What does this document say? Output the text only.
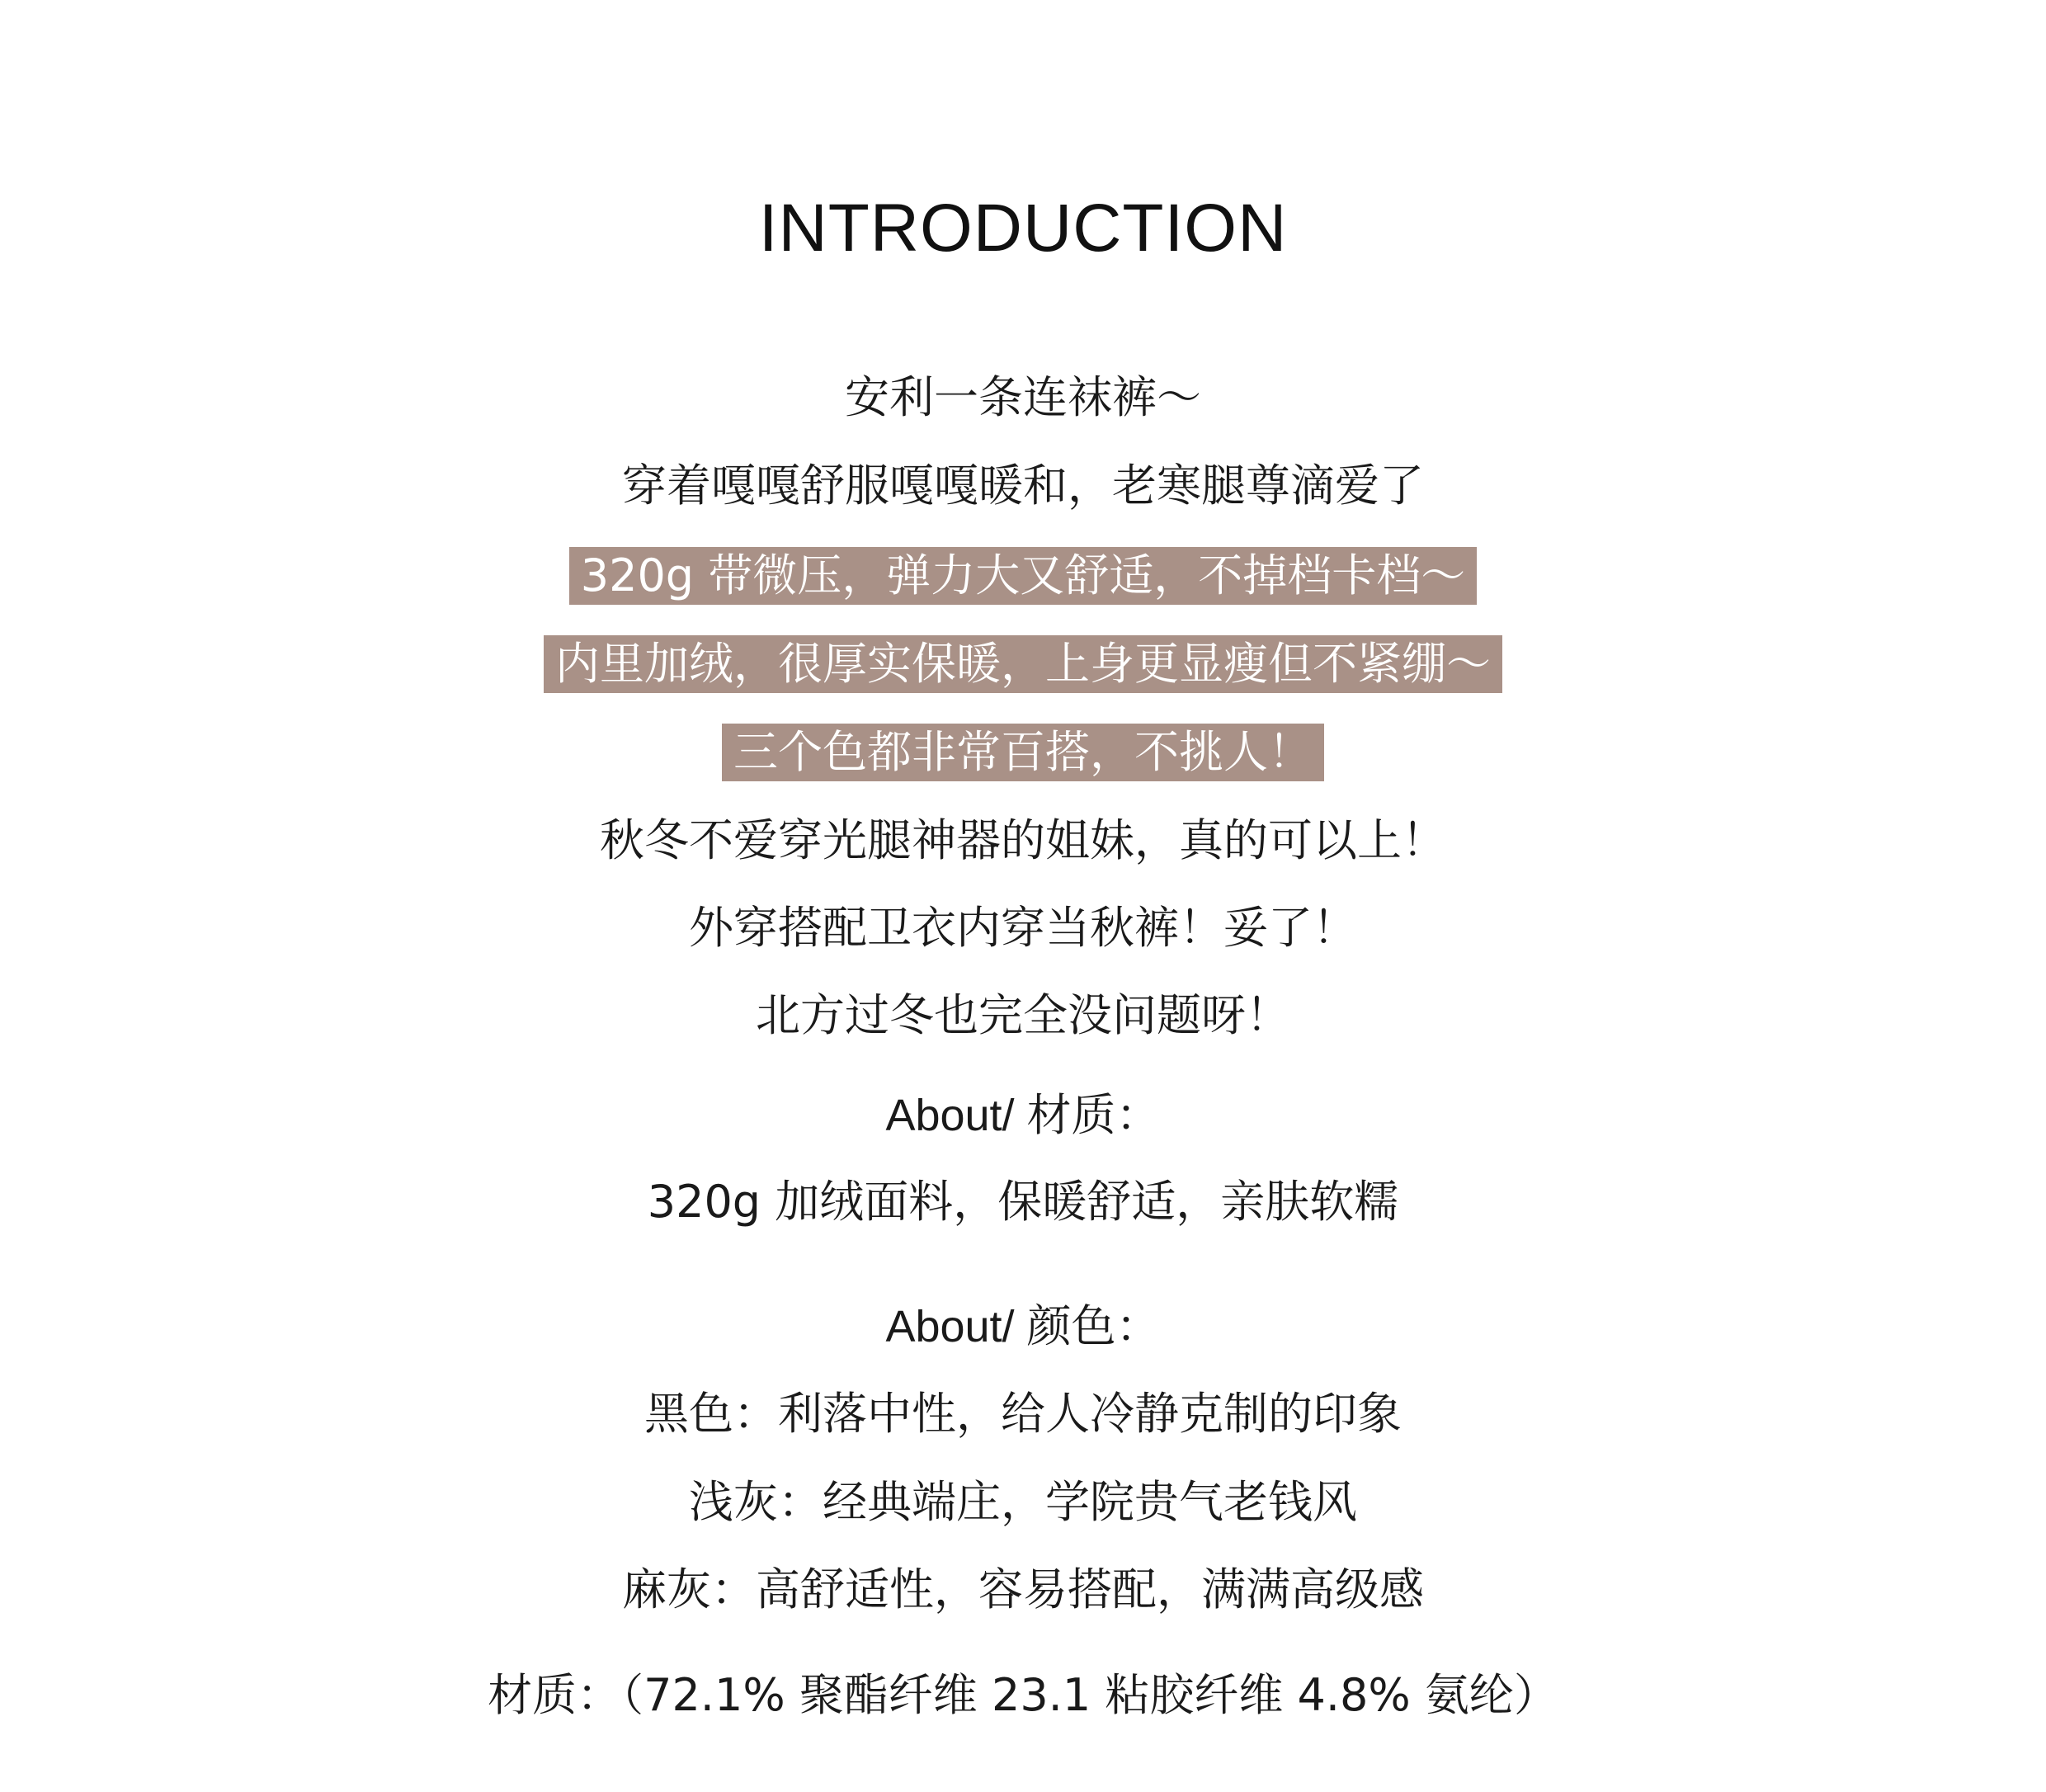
INTRODUCTION
安利一条连袜裤～
穿着嘎嘎舒服嘎嘎暖和，老寒腿尊滴爱了
320g 带微压，弹力大又舒适，不掉档卡档～
内里加绒，很厚实保暖，上身更显瘦但不紧绷～
三个色都非常百搭，不挑人！
秋冬不爱穿光腿神器的姐妹，真的可以上！
外穿搭配卫衣内穿当秋裤！妥了！
北方过冬也完全没问题呀！
About/ 材质：
320g 加绒面料，保暖舒适，亲肤软糯
About/ 颜色：
黑色：利落中性，给人冷静克制的印象
浅灰：经典端庄，学院贵气老钱风
麻灰：高舒适性，容易搭配，满满高级感
材质：（72.1% 聚酯纤维 23.1 粘胶纤维 4.8% 氨纶）
